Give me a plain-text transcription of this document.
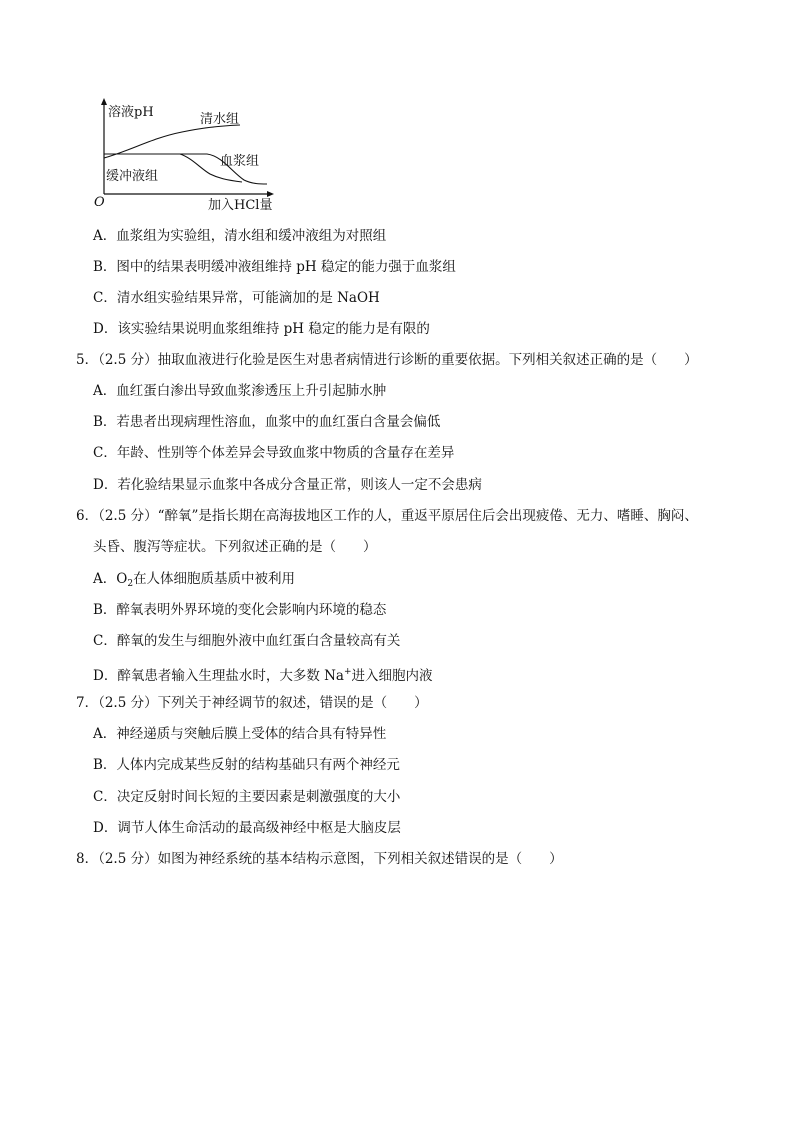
溶液pH	清水组
血浆组
缓冲液组
O	加入HCl量
A．血浆组为实验组，清水组和缓冲液组为对照组
B．图中的结果表明缓冲液组维持 pH 稳定的能力强于血浆组
C．清水组实验结果异常，可能滴加的是 NaOH
D．该实验结果说明血浆组维持 pH 稳定的能力是有限的
5．（2.5 分）抽取血液进行化验是医生对患者病情进行诊断的重要依据。下列相关叙述正确的是（　　）
A．血红蛋白渗出导致血浆渗透压上升引起肺水肿
B．若患者出现病理性溶血，血浆中的血红蛋白含量会偏低
C．年龄、性别等个体差异会导致血浆中物质的含量存在差异
D．若化验结果显示血浆中各成分含量正常，则该人一定不会患病
6．（2.5 分）“醉氧”是指长期在高海拔地区工作的人，重返平原居住后会出现疲倦、无力、嗜睡、胸闷、
头昏、腹泻等症状。下列叙述正确的是（　　）
A．$O_2$在人体细胞质基质中被利用
B．醉氧表明外界环境的变化会影响内环境的稳态
C．醉氧的发生与细胞外液中血红蛋白含量较高有关
D．醉氧患者输入生理盐水时，大多数 Na+进入细胞内液
7．（2.5 分）下列关于神经调节的叙述，错误的是（　　）
A．神经递质与突触后膜上受体的结合具有特异性
B．人体内完成某些反射的结构基础只有两个神经元
C．决定反射时间长短的主要因素是刺激强度的大小
D．调节人体生命活动的最高级神经中枢是大脑皮层
8．（2.5 分）如图为神经系统的基本结构示意图，下列相关叙述错误的是（　　）
